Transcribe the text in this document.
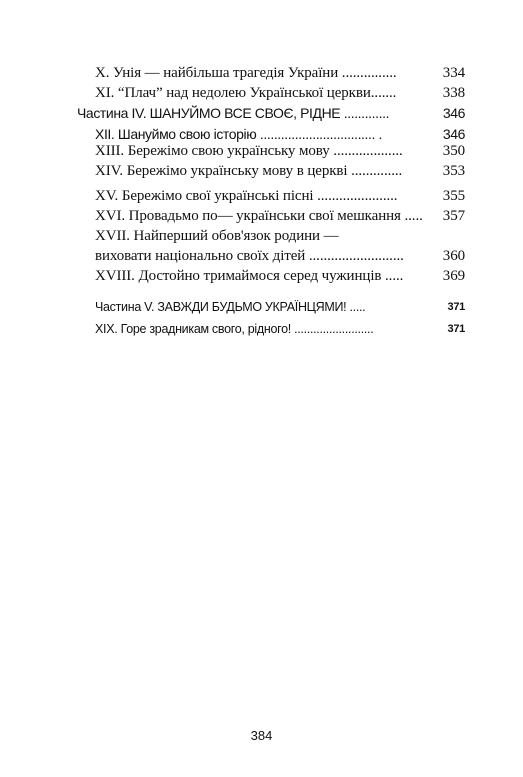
X. Унія — найбільша трагедія України ...............	334
XI. “Плач” над недолею Української церкви.......	338
Частина IV. ШАНУЙМО ВСЕ СВОЄ, РІДНЕ .............	346
XII. Шануймо свою історію ................................. .	346
XIII. Бережімо свою українську мову ...................	350
XIV. Бережімо українську мову в церкві ..............	353
XV. Бережімо свої українські пісні ......................	355
XVI. Провадьмо по— українськи свої мешкання ..... 357
XVII. Найперший обов'язок родини —
виховати національно своїх дітей ..........................	360
XVIII. Достойно тримаймося серед чужинців .....	369
Частина V. ЗАВЖДИ БУДЬМО УКРАЇНЦЯМИ! .....	371
XIX. Горе зрадникам свого, рідного! .........................	371
384
